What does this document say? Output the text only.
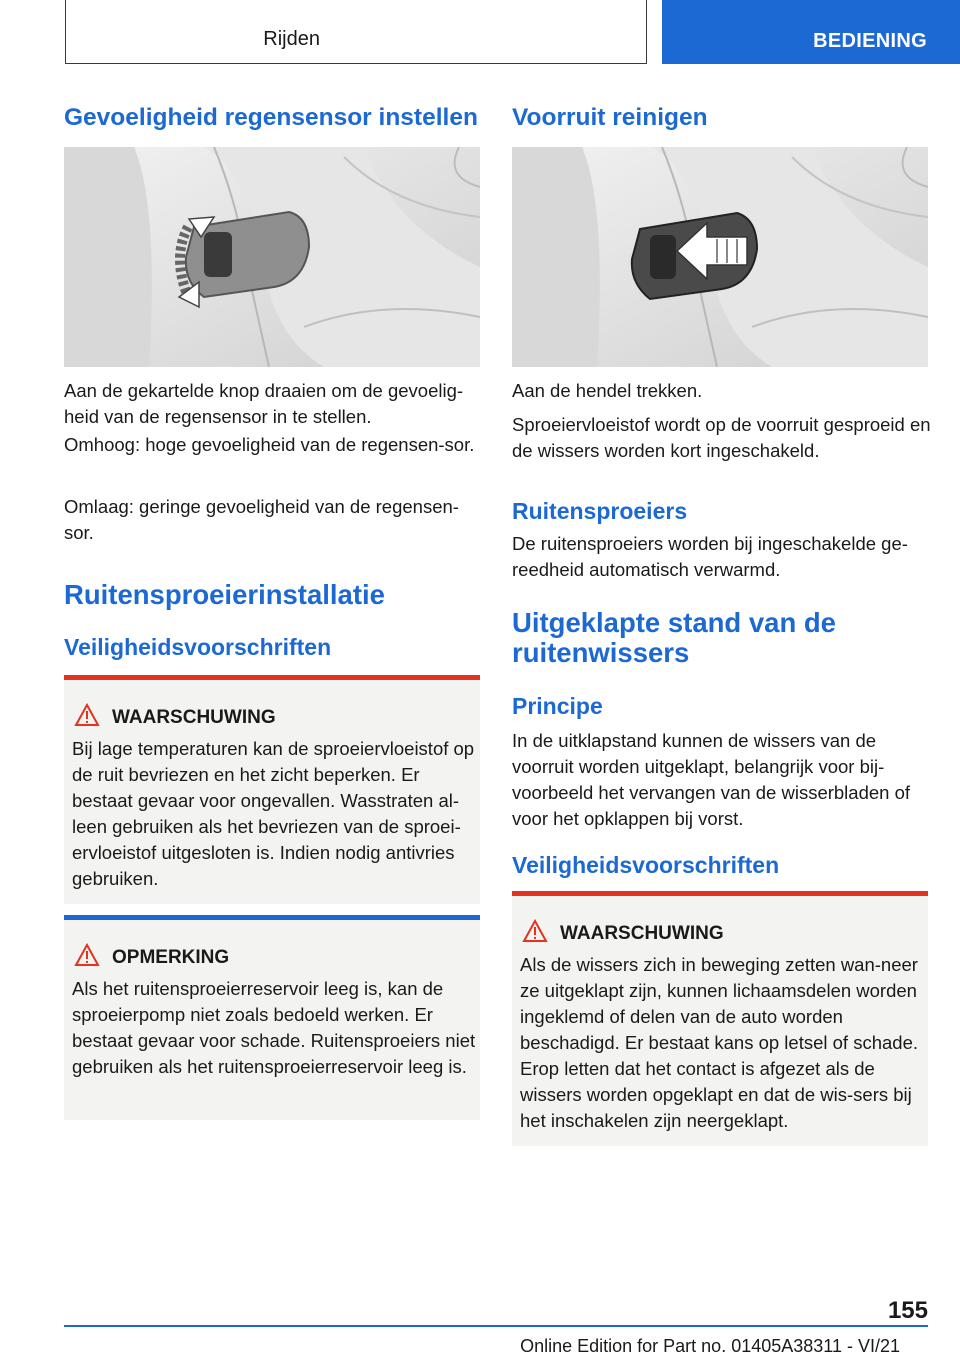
Rijden	BEDIENING
Gevoeligheid regensensor instellen
Aan de gekartelde knop draaien om de gevoelig-heid van de regensensor in te stellen.
Omhoog: hoge gevoeligheid van de regensen-sor.
Omlaag: geringe gevoeligheid van de regensen-sor.
Ruitensproeierinstallatie
Veiligheidsvoorschriften
WAARSCHUWING
Bij lage temperaturen kan de sproeiervloeistof op de ruit bevriezen en het zicht beperken. Er bestaat gevaar voor ongevallen. Wasstraten al-leen gebruiken als het bevriezen van de sproei-ervloeistof uitgesloten is. Indien nodig antivries gebruiken.
OPMERKING
Als het ruitensproeierreservoir leeg is, kan de sproeierpomp niet zoals bedoeld werken. Er bestaat gevaar voor schade. Ruitensproeiers niet gebruiken als het ruitensproeierreservoir leeg is.
Voorruit reinigen
Aan de hendel trekken.
Sproeiervloeistof wordt op de voorruit gesproeid en de wissers worden kort ingeschakeld.
Ruitensproeiers
De ruitensproeiers worden bij ingeschakelde ge-reedheid automatisch verwarmd.
Uitgeklapte stand van de ruitenwissers
Principe
In de uitklapstand kunnen de wissers van de voorruit worden uitgeklapt, belangrijk voor bij-voorbeeld het vervangen van de wisserbladen of voor het opklappen bij vorst.
Veiligheidsvoorschriften
WAARSCHUWING
Als de wissers zich in beweging zetten wan-neer ze uitgeklapt zijn, kunnen lichaamsdelen worden ingeklemd of delen van de auto worden beschadigd. Er bestaat kans op letsel of schade. Erop letten dat het contact is afgezet als de wissers worden opgeklapt en dat de wis-sers bij het inschakelen zijn neergeklapt.
155
Online Edition for Part no. 01405A38311 - VI/21
